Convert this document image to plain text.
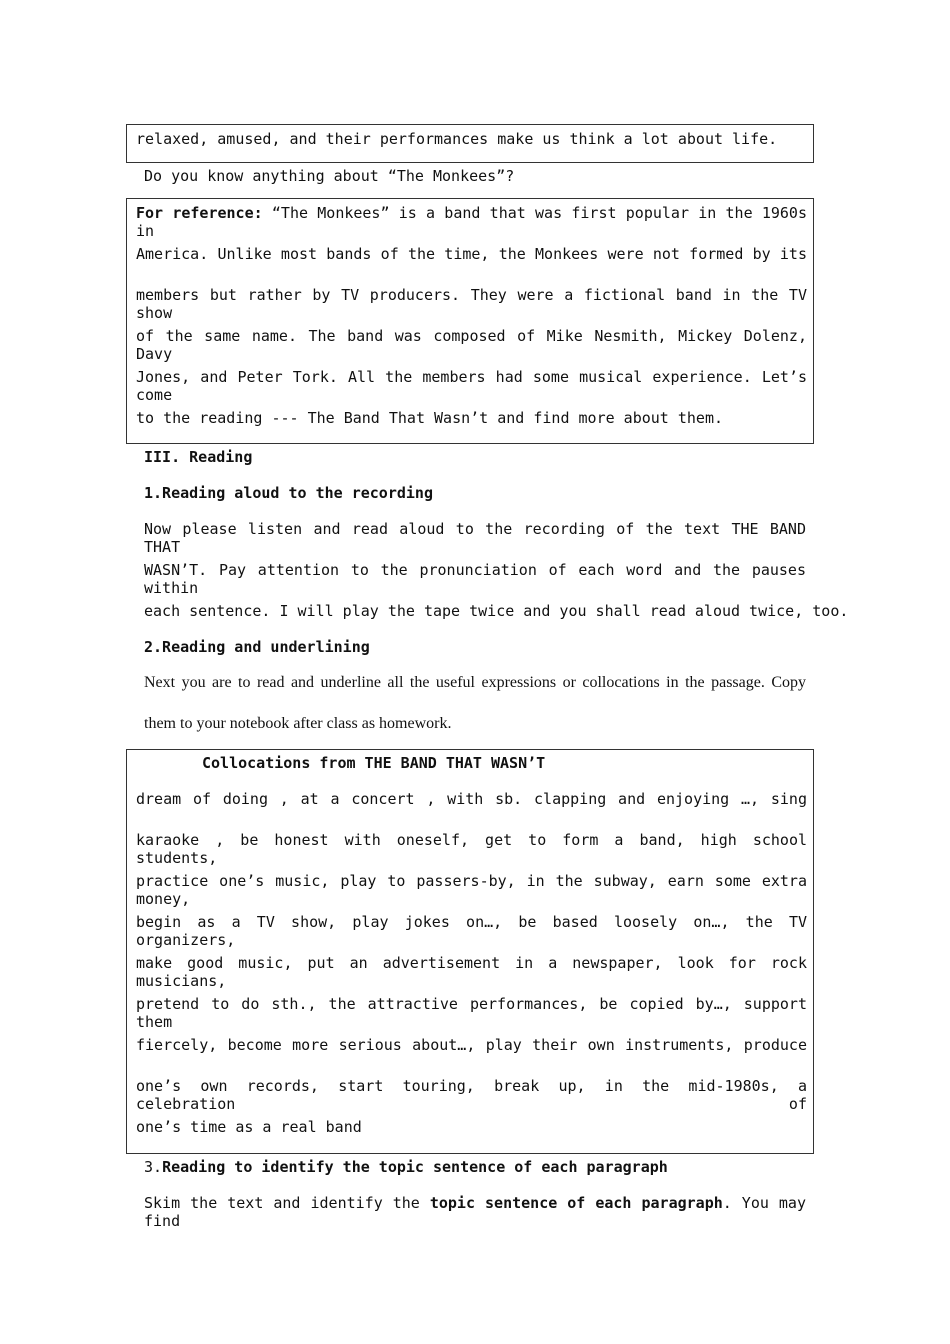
relaxed, amused, and their performances make us think a lot about life.
Do you know anything about “The Monkees”?
For reference: “The Monkees” is a band that was first popular in the 1960s in
America. Unlike most bands of the time, the Monkees were not formed by its
members but rather by TV producers. They were a fictional band in the TV show
of the same name. The band was composed of Mike Nesmith, Mickey Dolenz, Davy
Jones, and Peter Tork. All the members had some musical experience. Let’s come
to the reading --- The Band That Wasn’t and find more about them.
III. Reading
1.Reading aloud to the recording
Now please listen and read aloud to the recording of the text THE BAND THAT
WASN’T. Pay attention to the pronunciation of each word and the pauses within
each sentence. I will play the tape twice and you shall read aloud twice, too.
2.Reading and underlining
Next you are to read and underline all the useful expressions or collocations in the passage. Copy
them to your notebook after class as homework.
Collocations from THE BAND THAT WASN’T
dream of doing , at a concert , with sb. clapping and enjoying …, sing
karaoke , be honest with oneself, get to form a band, high school students,
practice one’s music, play to passers-by, in the subway, earn some extra money,
begin as a TV show, play jokes on…, be based loosely on…, the TV organizers,
make good music, put an advertisement in a newspaper, look for rock musicians,
pretend to do sth., the attractive performances, be copied by…, support them
fiercely, become more serious about…, play their own instruments, produce
one’s own records, start touring, break up, in the mid-1980s, a celebration of
one’s time as a real band
3.Reading to identify the topic sentence of each paragraph
Skim the text and identify the topic sentence of each paragraph. You may find
